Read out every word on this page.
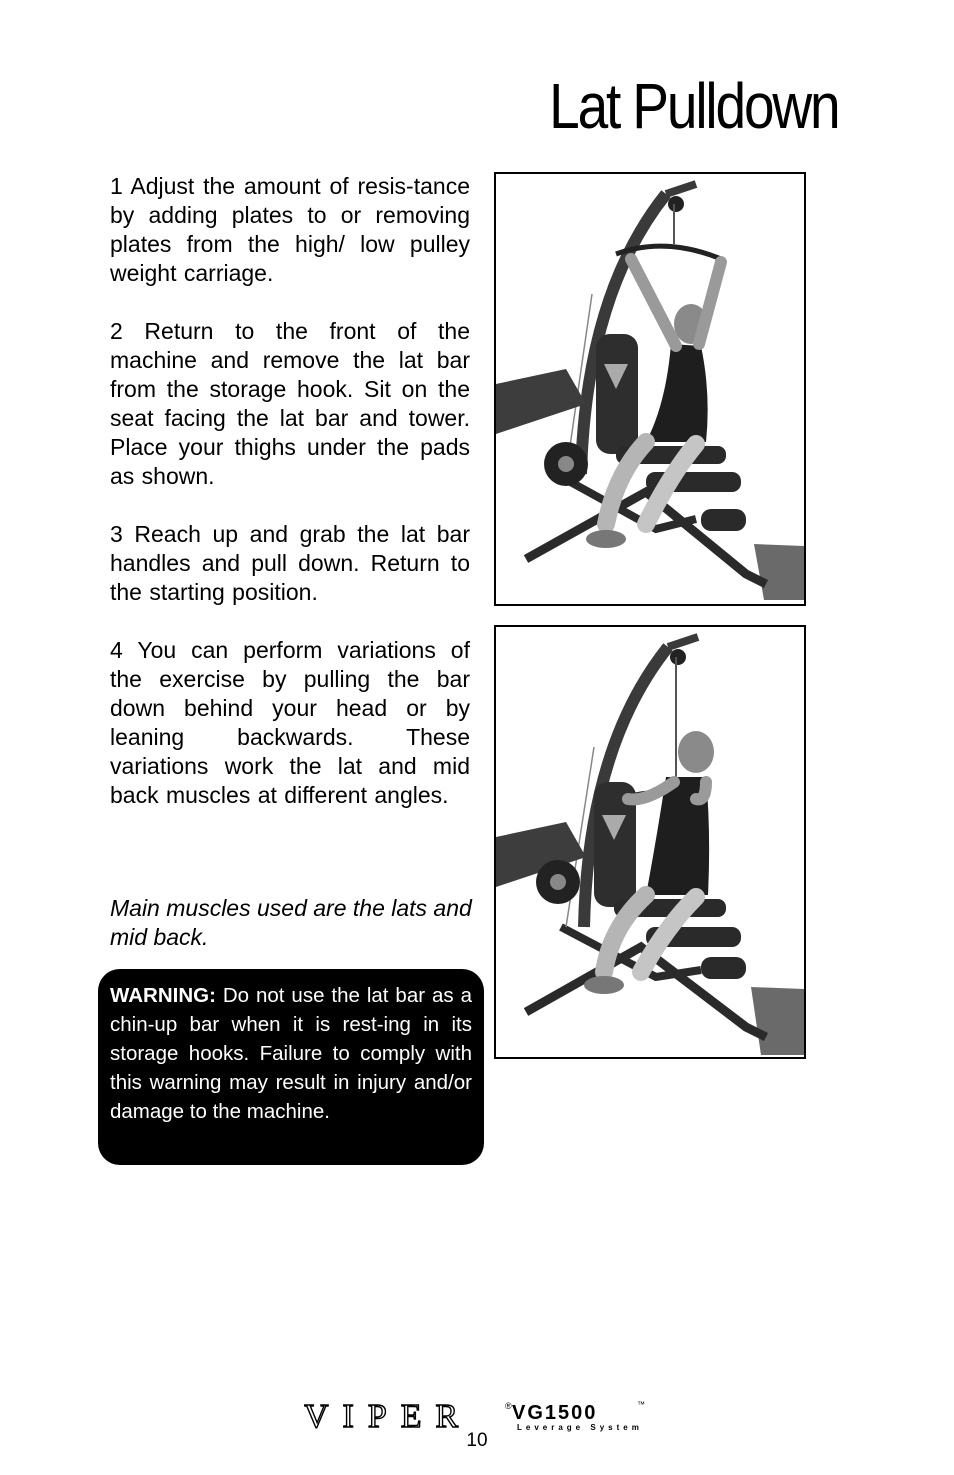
Lat Pulldown

1 Adjust the amount of resis-tance by adding plates to or removing plates from the high/ low pulley weight carriage.

2 Return to the front of the machine and remove the lat bar from the storage hook. Sit on the seat facing the lat bar and tower. Place your thighs under the pads as shown.

3 Reach up and grab the lat bar handles and pull down. Return to the starting position.

4 You can perform variations of the exercise by pulling the bar down behind your head or by leaning backwards. These variations work the lat and mid back muscles at different angles.

Main muscles used are the lats and mid back.

WARNING: Do not use the lat bar as a chin-up bar when it is rest-ing in its storage hooks. Failure to comply with this warning may result in injury and/or damage to the machine.
VIPER	® VG1500	™
Leverage System
10
